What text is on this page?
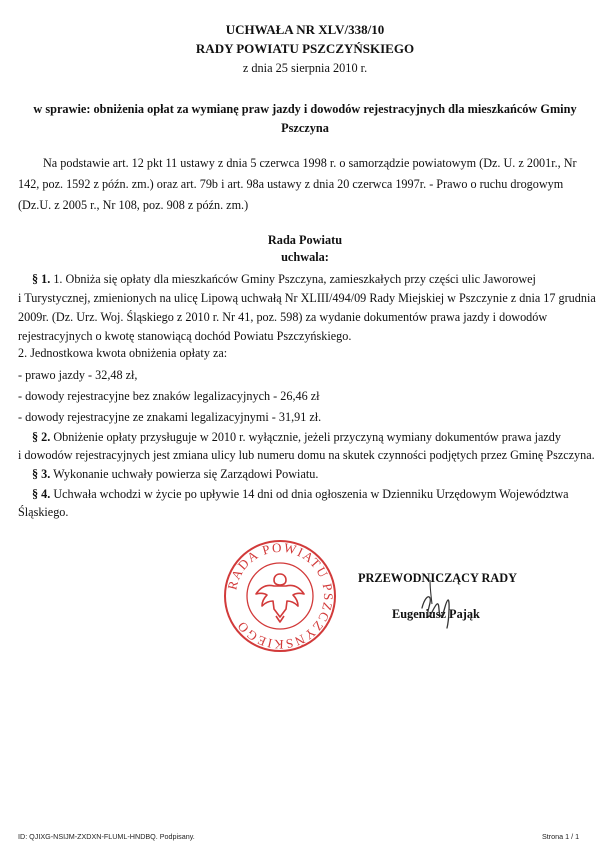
UCHWAŁA NR XLV/338/10
RADY POWIATU PSZCZYŃSKIEGO
z dnia 25 sierpnia 2010 r.
w sprawie: obniżenia opłat za wymianę praw jazdy i dowodów rejestracyjnych dla mieszkańców Gminy
Pszczyna
Na podstawie art. 12 pkt 11 ustawy z dnia 5 czerwca 1998 r. o samorządzie powiatowym (Dz. U. z 2001r., Nr
142, poz. 1592 z późn. zm.) oraz art. 79b i art. 98a ustawy z dnia 20 czerwca 1997r. - Prawo o ruchu drogowym
(Dz.U. z 2005 r., Nr 108, poz. 908 z późn. zm.)
Rada Powiatu
uchwala:
§ 1. 1. Obniża się opłaty dla mieszkańców Gminy Pszczyna, zamieszkałych przy części ulic Jaworowej
i Turystycznej, zmienionych na ulicę Lipową uchwałą Nr XLIII/494/09 Rady Miejskiej w Pszczynie z dnia 17 grudnia
2009r. (Dz. Urz. Woj. Śląskiego z 2010 r. Nr 41, poz. 598) za wydanie dokumentów prawa jazdy i dowodów
rejestracyjnych o kwotę stanowiącą dochód Powiatu Pszczyńskiego.
2. Jednostkowa kwota obniżenia opłaty za:
- prawo jazdy - 32,48 zł,
- dowody rejestracyjne bez znaków legalizacyjnych - 26,46 zł
- dowody rejestracyjne ze znakami legalizacyjnymi - 31,91 zł.
§ 2. Obniżenie opłaty przysługuje w 2010 r. wyłącznie, jeżeli przyczyną wymiany dokumentów prawa jazdy
i dowodów rejestracyjnych jest zmiana ulicy lub numeru domu na skutek czynności podjętych przez Gminę Pszczyna.
§ 3. Wykonanie uchwały powierza się Zarządowi Powiatu.
§ 4. Uchwała wchodzi w życie po upływie 14 dni od dnia ogłoszenia w Dzienniku Urzędowym Województwa
Śląskiego.
RADA POWIATU PSZCZYŃSKIEGO
PRZEWODNICZĄCY RADY
Eugeniusz Pająk
ID: QJIXG-NSIJM-ZXDXN-FLUML-HNDBQ. Podpisany.	Strona 1 / 1
